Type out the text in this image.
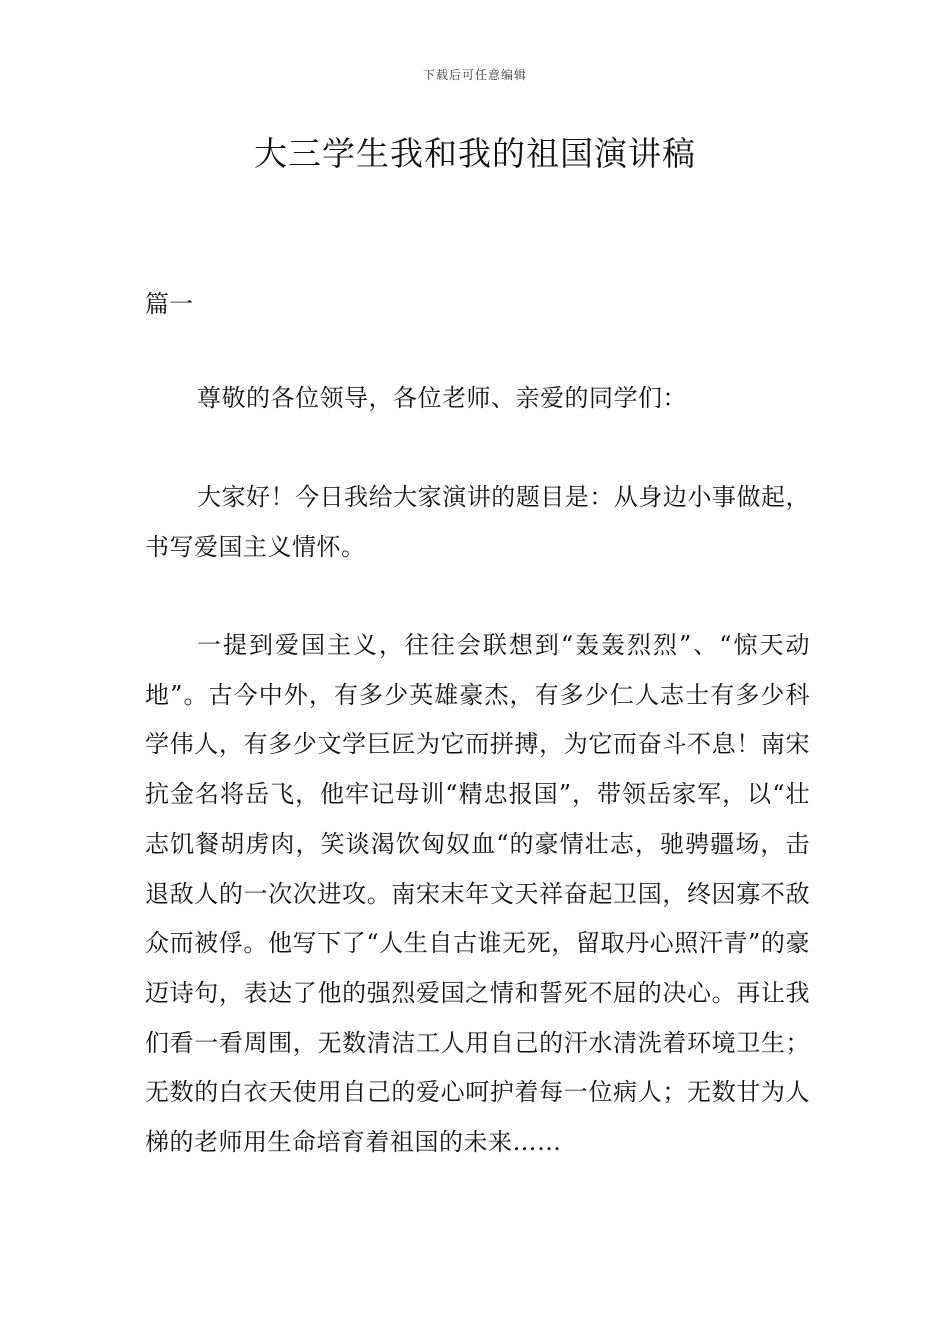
下载后可任意编辑
大三学生我和我的祖国演讲稿
篇一
尊敬的各位领导，各位老师、亲爱的同学们：
大家好！今日我给大家演讲的题目是：从身边小事做起，书写爱国主义情怀。
一提到爱国主义，往往会联想到“轰轰烈烈”、“惊天动地”。古今中外，有多少英雄豪杰，有多少仁人志士有多少科学伟人，有多少文学巨匠为它而拼搏，为它而奋斗不息！南宋抗金名将岳飞，他牢记母训“精忠报国”，带领岳家军，以“壮志饥餐胡虏肉，笑谈渴饮匈奴血“的豪情壮志，驰骋疆场，击退敌人的一次次进攻。南宋末年文天祥奋起卫国，终因寡不敌众而被俘。他写下了“人生自古谁无死，留取丹心照汗青”的豪迈诗句，表达了他的强烈爱国之情和誓死不屈的决心。再让我们看一看周围，无数清洁工人用自己的汗水清洗着环境卫生；无数的白衣天使用自己的爱心呵护着每一位病人；无数甘为人梯的老师用生命培育着祖国的未来……
